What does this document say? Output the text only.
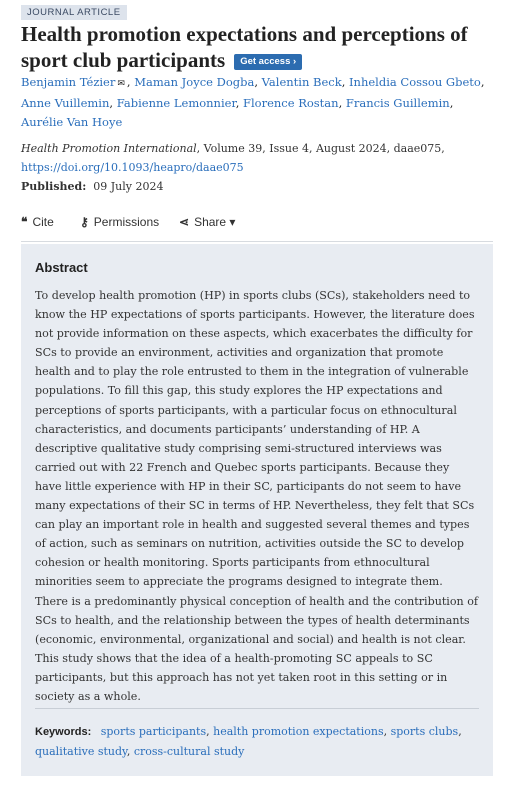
JOURNAL ARTICLE
Health promotion expectations and perceptions of sport club participants Get access ›
Benjamin Tézier ✉ , Maman Joyce Dogba, Valentin Beck, Inheldia Cossou Gbeto,
Anne Vuillemin, Fabienne Lemonnier, Florence Rostan, Francis Guillemin,
Aurélie Van Hoye
Health Promotion International, Volume 39, Issue 4, August 2024, daae075,
https://doi.org/10.1093/heapro/daae075
Published: 09 July 2024
❝ Cite ⚷ Permissions ⋖ Share ▾
Abstract
To develop health promotion (HP) in sports clubs (SCs), stakeholders need to know the HP expectations of sports participants. However, the literature does not provide information on these aspects, which exacerbates the difficulty for SCs to provide an environment, activities and organization that promote health and to play the role entrusted to them in the integration of vulnerable populations. To fill this gap, this study explores the HP expectations and perceptions of sports participants, with a particular focus on ethnocultural characteristics, and documents participants’ understanding of HP. A descriptive qualitative study comprising semi-structured interviews was carried out with 22 French and Quebec sports participants. Because they have little experience with HP in their SC, participants do not seem to have many expectations of their SC in terms of HP. Nevertheless, they felt that SCs can play an important role in health and suggested several themes and types of action, such as seminars on nutrition, activities outside the SC to develop cohesion or health monitoring. Sports participants from ethnocultural minorities seem to appreciate the programs designed to integrate them. There is a predominantly physical conception of health and the contribution of SCs to health, and the relationship between the types of health determinants (economic, environmental, organizational and social) and health is not clear. This study shows that the idea of a health-promoting SC appeals to SC participants, but this approach has not yet taken root in this setting or in society as a whole.
Keywords: sports participants, health promotion expectations, sports clubs,
qualitative study, cross-cultural study
